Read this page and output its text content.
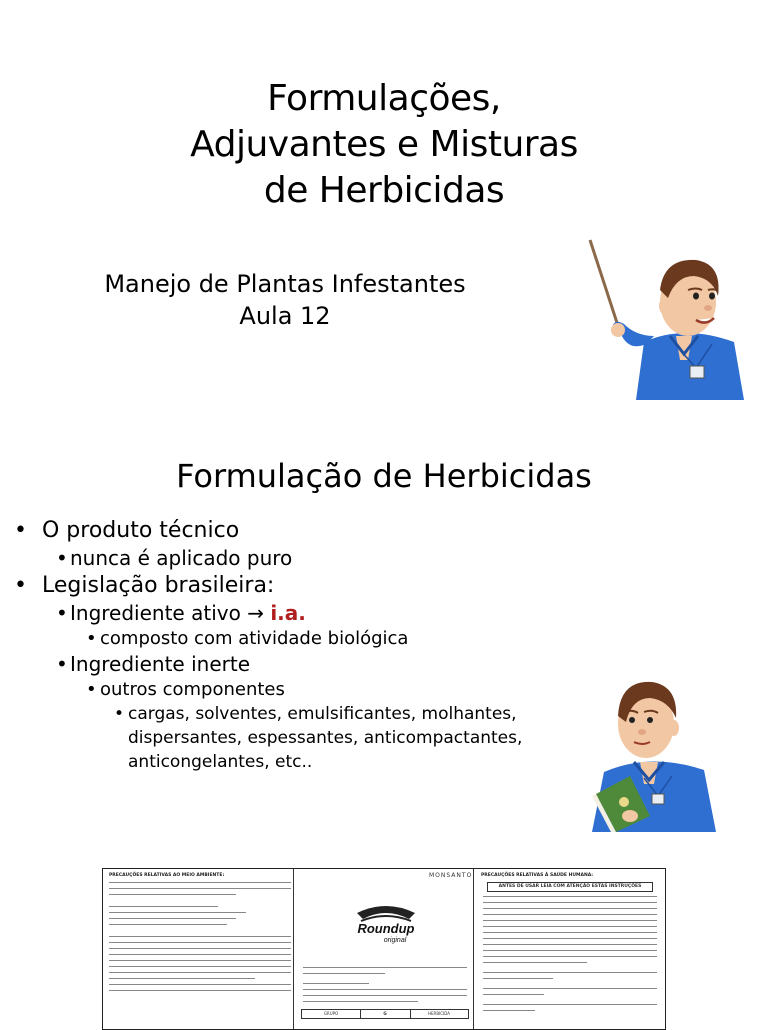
Formulações,
Adjuvantes e Misturas
de Herbicidas
Manejo de Plantas Infestantes
Aula 12
Formulação de Herbicidas
• O produto técnico
• nunca é aplicado puro
• Legislação brasileira:
• Ingrediente ativo → i.a.
• composto com atividade biológica
• Ingrediente inerte
• outros componentes
• cargas, solventes, emulsificantes, molhantes,
dispersantes, espessantes, anticompactantes,
anticongelantes, etc..
PRECAUÇÕES RELATIVAS AO MEIO AMBIENTE:	MONSANTO
Roundup
original
GRUPO	G	HERBICIDA
PRECAUÇÕES RELATIVAS À SAÚDE HUMANA:
ANTES DE USAR LEIA COM ATENÇÃO ESTAS INSTRUÇÕES
